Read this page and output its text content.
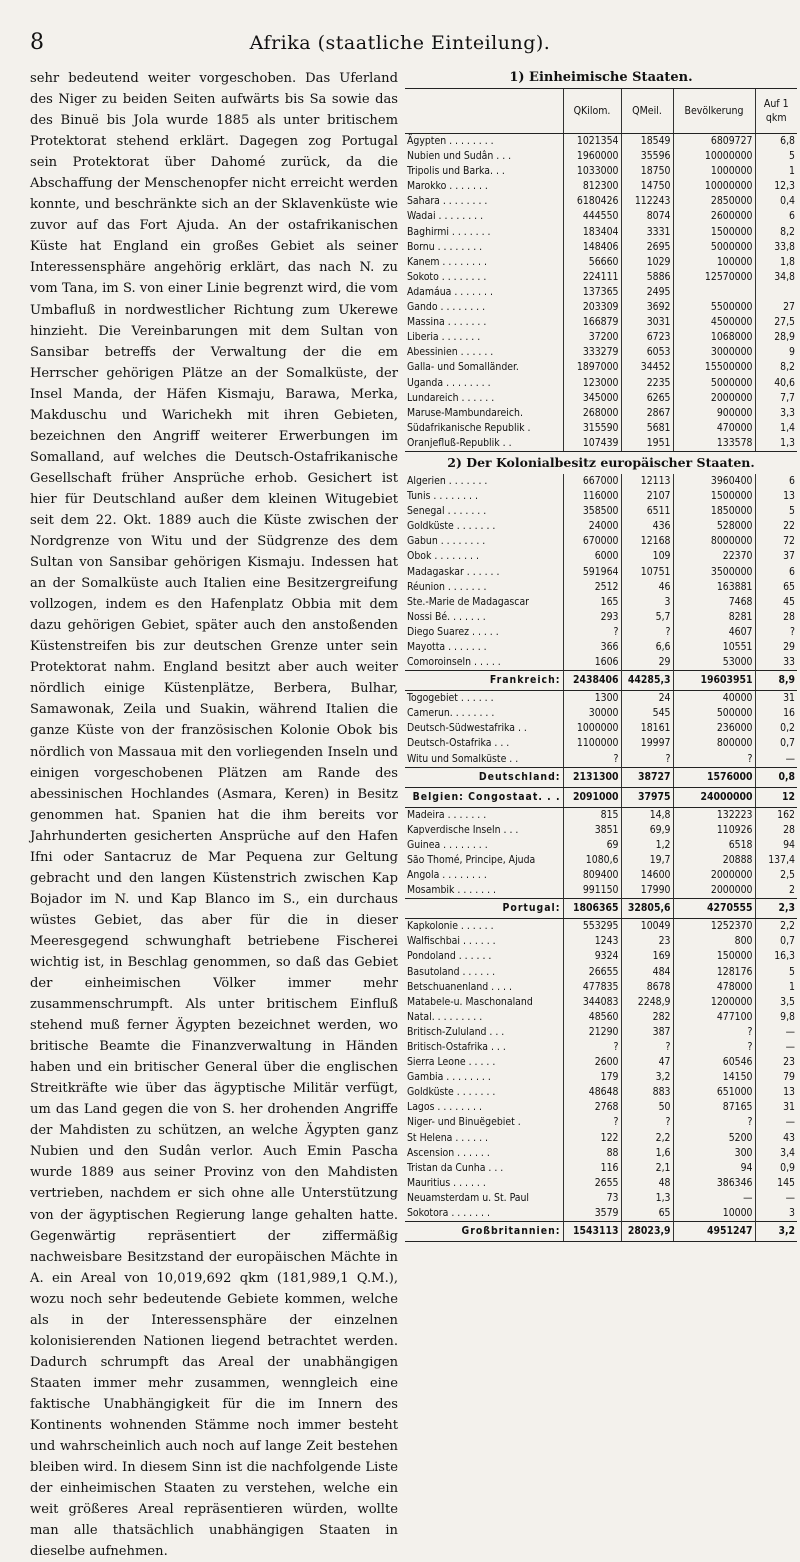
8	Afrika (staatliche Einteilung).

sehr bedeutend weiter vorgeschoben. Das Uferland des Niger zu beiden Seiten aufwärts bis Sa sowie das des Binuë bis Jola wurde 1885 als unter britischem Protektorat stehend erklärt. Dagegen zog Portugal sein Protektorat über Dahomé zurück, da die Abschaffung der Menschenopfer nicht erreicht werden konnte, und beschränkte sich an der Sklavenküste wie zuvor auf das Fort Ajuda. An der ostafrikanischen Küste hat England ein großes Gebiet als seiner Interessensphäre angehörig erklärt, das nach N. zu vom Tana, im S. von einer Linie begrenzt wird, die vom Umbafluß in nordwestlicher Richtung zum Ukerewe hinzieht. Die Vereinbarungen mit dem Sultan von Sansibar betreffs der Verwaltung der die em Herrscher gehörigen Plätze an der Somalküste, der Insel Manda, der Häfen Kismaju, Barawa, Merka, Makduschu und Warichekh mit ihren Gebieten, bezeichnen den Angriff weiterer Erwerbungen im Somalland, auf welches die Deutsch-Ostafrikanische Gesellschaft früher Ansprüche erhob. Gesichert ist hier für Deutschland außer dem kleinen Witugebiet seit dem 22. Okt. 1889 auch die Küste zwischen der Nordgrenze von Witu und der Südgrenze des dem Sultan von Sansibar gehörigen Kismaju. Indessen hat an der Somalküste auch Italien eine Besitzergreifung vollzogen, indem es den Hafenplatz Obbia mit dem dazu gehörigen Gebiet, später auch den anstoßenden Küstenstreifen bis zur deutschen Grenze unter sein Protektorat nahm. England besitzt aber auch weiter nördlich einige Küstenplätze, Berbera, Bulhar, Samawonak, Zeila und Suakin, während Italien die ganze Küste von der französischen Kolonie Obok bis nördlich von Massaua mit den vorliegenden Inseln und einigen vorgeschobenen Plätzen am Rande des abessinischen Hochlandes (Asmara, Keren) in Besitz genommen hat. Spanien hat die ihm bereits vor Jahrhunderten gesicherten Ansprüche auf den Hafen Ifni oder Santacruz de Mar Pequena zur Geltung gebracht und den langen Küstenstrich zwischen Kap Bojador im N. und Kap Blanco im S., ein durchaus wüstes Gebiet, das aber für die in dieser Meeresgegend schwunghaft betriebene Fischerei wichtig ist, in Beschlag genommen, so daß das Gebiet der einheimischen Völker immer mehr zusammenschrumpft. Als unter britischem Einfluß stehend muß ferner Ägypten bezeichnet werden, wo britische Beamte die Finanzverwaltung in Händen haben und ein britischer General über die englischen Streitkräfte wie über das ägyptische Militär verfügt, um das Land gegen die von S. her drohenden Angriffe der Mahdisten zu schützen, an welche Ägypten ganz Nubien und den Sudân verlor. Auch Emin Pascha wurde 1889 aus seiner Provinz von den Mahdisten vertrieben, nachdem er sich ohne alle Unterstützung von der ägyptischen Regierung lange gehalten hatte. Gegenwärtig repräsentiert der ziffermäßig nachweisbare Besitzstand der europäischen Mächte in A. ein Areal von 10,019,692 qkm (181,989,1 Q.M.), wozu noch sehr bedeutende Gebiete kommen, welche als in der Interessensphäre der einzelnen kolonisierenden Nationen liegend betrachtet werden. Dadurch schrumpft das Areal der unabhängigen Staaten immer mehr zusammen, wenngleich eine faktische Unabhängigkeit für die im Innern des Kontinents wohnenden Stämme noch immer besteht und wahrscheinlich auch noch auf lange Zeit bestehen bleiben wird. In diesem Sinn ist die nachfolgende Liste der einheimischen Staaten zu verstehen, welche ein weit größeres Areal repräsentieren würden, wollte man alle thatsächlich unabhängigen Staaten in dieselbe aufnehmen.

1) Einheimische Staaten.
	QKilom.	QMeil.	Bevölkerung	Auf 1 qkm
Ägypten . . . . . . . .	1021354	18549	6809727	6,8
Nubien und Sudân . . .	1960000	35596	10000000	5
Tripolis und Barka. . .	1033000	18750	1000000	1
Marokko . . . . . . .	812300	14750	10000000	12,3
Sahara . . . . . . . .	6180426	112243	2850000	0,4
Wadai . . . . . . . .	444550	8074	2600000	6
Baghirmi . . . . . . .	183404	3331	1500000	8,2
Bornu . . . . . . . .	148406	2695	5000000	33,8
Kanem . . . . . . . .	56660	1029	100000	1,8
Sokoto . . . . . . . .	224111	5886	12570000	34,8
Adamáua . . . . . . .	137365	2495		
Gando . . . . . . . .	203309	3692	5500000	27
Massina . . . . . . .	166879	3031	4500000	27,5
Liberia . . . . . . .	37200	6723	1068000	28,9
Abessinien . . . . . .	333279	6053	3000000	9
Galla- und Somalländer.	1897000	34452	15500000	8,2
Uganda . . . . . . . .	123000	2235	5000000	40,6
Lundareich . . . . . .	345000	6265	2000000	7,7
Maruse-Mambundareich.	268000	2867	900000	3,3
Südafrikanische Republik .	315590	5681	470000	1,4
Oranjefluß-Republik . .	107439	1951	133578	1,3
2) Der Kolonialbesitz europäischer Staaten.
Algerien . . . . . . .	667000	12113	3960400	6
Tunis . . . . . . . .	116000	2107	1500000	13
Senegal . . . . . . .	358500	6511	1850000	5
Goldküste . . . . . . .	24000	436	528000	22
Gabun . . . . . . . .	670000	12168	8000000	72
Obok . . . . . . . .	6000	109	22370	37
Madagaskar . . . . . .	591964	10751	3500000	6
Réunion . . . . . . .	2512	46	163881	65
Ste.-Marie de Madagascar	165	3	7468	45
Nossi Bé. . . . . . .	293	5,7	8281	28
Diego Suarez . . . . .	?	?	4607	?
Mayotta . . . . . . .	366	6,6	10551	29
Comoroinseln . . . . .	1606	29	53000	33
Frankreich:	2438406	44285,3	19603951	8,9
Togogebiet . . . . . .	1300	24	40000	31
Camerun. . . . . . . .	30000	545	500000	16
Deutsch-Südwestafrika . .	1000000	18161	236000	0,2
Deutsch-Ostafrika . . .	1100000	19997	800000	0,7
Witu und Somalküste . .	?	?	?	—
Deutschland:	2131300	38727	1576000	0,8
Belgien: Congostaat. . .	2091000	37975	24000000	12
Madeira . . . . . . .	815	14,8	132223	162
Kapverdische Inseln . . .	3851	69,9	110926	28
Guinea . . . . . . . .	69	1,2	6518	94
São Thomé, Principe, Ajuda	1080,6	19,7	20888	137,4
Angola . . . . . . . .	809400	14600	2000000	2,5
Mosambik . . . . . . .	991150	17990	2000000	2
Portugal:	1806365	32805,6	4270555	2,3
Kapkolonie . . . . . .	553295	10049	1252370	2,2
Walfischbai . . . . . .	1243	23	800	0,7
Pondoland . . . . . .	9324	169	150000	16,3
Basutoland . . . . . .	26655	484	128176	5
Betschuanenland . . . .	477835	8678	478000	1
Matabele-u. Maschonaland	344083	2248,9	1200000	3,5
Natal. . . . . . . . .	48560	282	477100	9,8
Britisch-Zululand . . .	21290	387	?	—
Britisch-Ostafrika . . .	?	?	?	—
Sierra Leone . . . . .	2600	47	60546	23
Gambia . . . . . . . .	179	3,2	14150	79
Goldküste . . . . . . .	48648	883	651000	13
Lagos . . . . . . . .	2768	50	87165	31
Niger- und Binuëgebiet .	?	?	?	—
St Helena . . . . . .	122	2,2	5200	43
Ascension . . . . . .	88	1,6	300	3,4
Tristan da Cunha . . .	116	2,1	94	0,9
Mauritius . . . . . .	2655	48	386346	145
Neuamsterdam u. St. Paul	73	1,3	—	—
Sokotora . . . . . . .	3579	65	10000	3
Großbritannien:	1543113	28023,9	4951247	3,2
